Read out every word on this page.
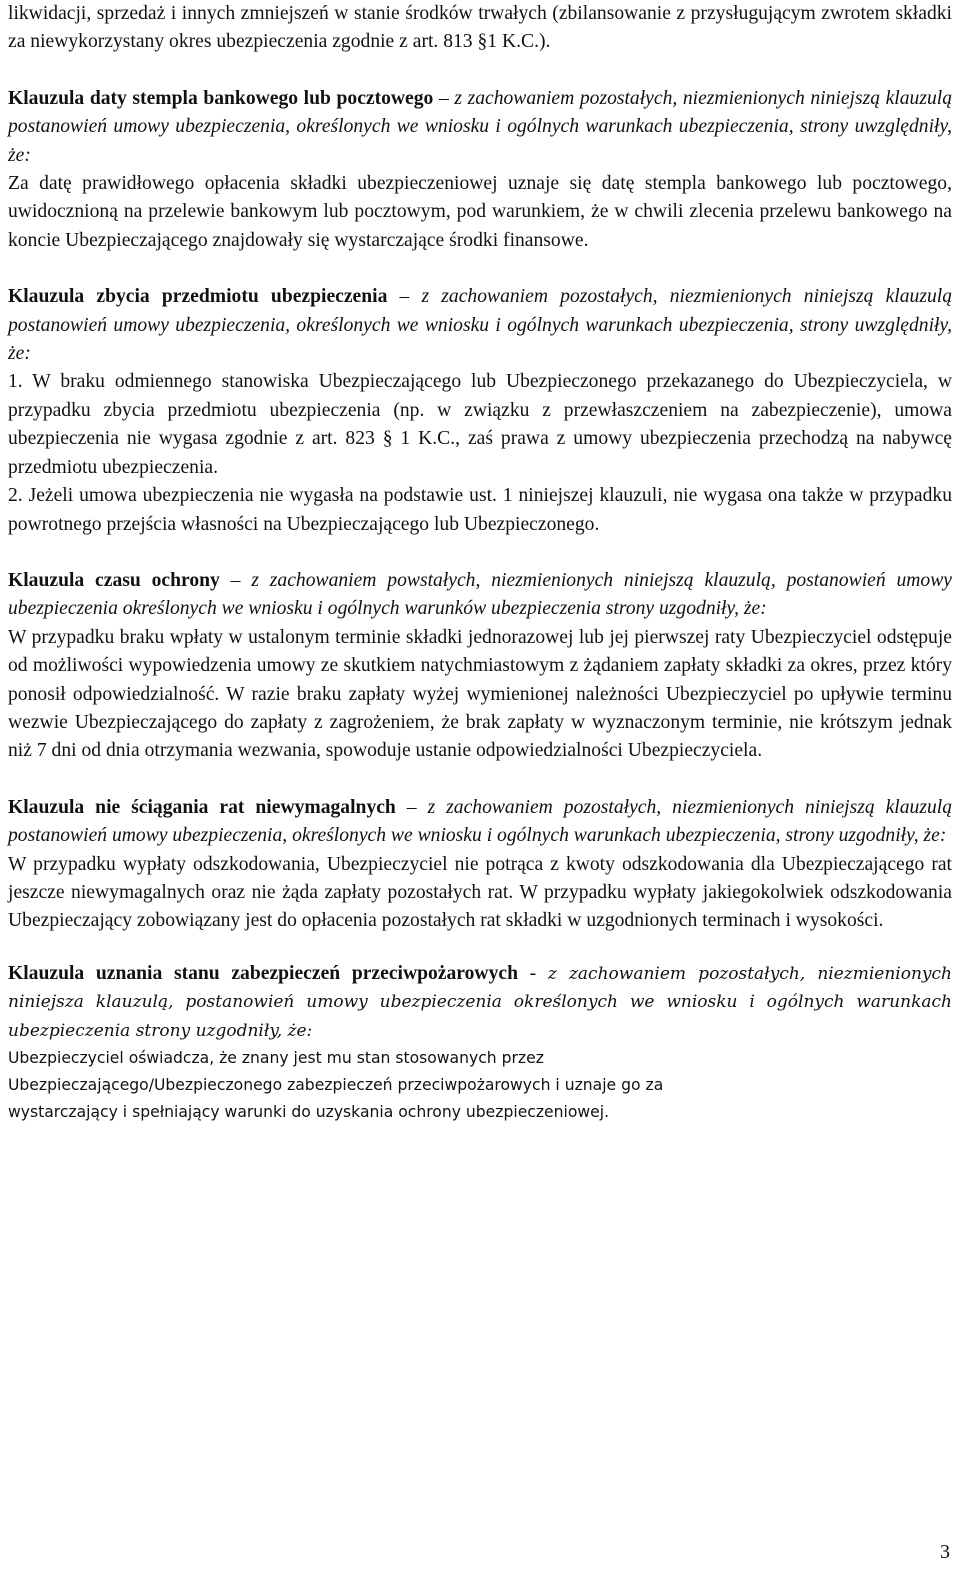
likwidacji, sprzedaż i innych zmniejszeń w stanie środków trwałych (zbilansowanie z przysługującym zwrotem składki za niewykorzystany okres ubezpieczenia zgodnie z art. 813 §1 K.C.).

Klauzula daty stempla bankowego lub pocztowego – z zachowaniem pozostałych, niezmienionych niniejszą klauzulą postanowień umowy ubezpieczenia, określonych we wniosku i ogólnych warunkach ubezpieczenia, strony uwzględniły, że:

Za datę prawidłowego opłacenia składki ubezpieczeniowej uznaje się datę stempla bankowego lub pocztowego, uwidocznioną na przelewie bankowym lub pocztowym, pod warunkiem, że w chwili zlecenia przelewu bankowego na koncie Ubezpieczającego znajdowały się wystarczające środki finansowe.

Klauzula zbycia przedmiotu ubezpieczenia – z zachowaniem pozostałych, niezmienionych niniejszą klauzulą postanowień umowy ubezpieczenia, określonych we wniosku i ogólnych warunkach ubezpieczenia, strony uwzględniły, że:

1. W braku odmiennego stanowiska Ubezpieczającego lub Ubezpieczonego przekazanego do Ubezpieczyciela, w przypadku zbycia przedmiotu ubezpieczenia (np. w związku z przewłaszczeniem na zabezpieczenie), umowa ubezpieczenia nie wygasa zgodnie z art. 823 § 1 K.C., zaś prawa z umowy ubezpieczenia przechodzą na nabywcę przedmiotu ubezpieczenia.

2. Jeżeli umowa ubezpieczenia nie wygasła na podstawie ust. 1 niniejszej klauzuli, nie wygasa ona także w przypadku powrotnego przejścia własności na Ubezpieczającego lub Ubezpieczonego.

Klauzula czasu ochrony – z zachowaniem powstałych, niezmienionych niniejszą klauzulą, postanowień umowy ubezpieczenia określonych we wniosku i ogólnych warunków ubezpieczenia strony uzgodniły, że:

W przypadku braku wpłaty w ustalonym terminie składki jednorazowej lub jej pierwszej raty Ubezpieczyciel odstępuje od możliwości wypowiedzenia umowy ze skutkiem natychmiastowym z żądaniem zapłaty składki za okres, przez który ponosił odpowiedzialność. W razie braku zapłaty wyżej wymienionej należności Ubezpieczyciel po upływie terminu wezwie Ubezpieczającego do zapłaty z zagrożeniem, że brak zapłaty w wyznaczonym terminie, nie krótszym jednak niż 7 dni od dnia otrzymania wezwania, spowoduje ustanie odpowiedzialności Ubezpieczyciela.

Klauzula nie ściągania rat niewymagalnych – z zachowaniem pozostałych, niezmienionych niniejszą klauzulą postanowień umowy ubezpieczenia, określonych we wniosku i ogólnych warunkach ubezpieczenia, strony uzgodniły, że:

W przypadku wypłaty odszkodowania, Ubezpieczyciel nie potrąca z kwoty odszkodowania dla Ubezpieczającego rat jeszcze niewymagalnych oraz nie żąda zapłaty pozostałych rat. W przypadku wypłaty jakiegokolwiek odszkodowania Ubezpieczający zobowiązany jest do opłacenia pozostałych rat składki w uzgodnionych terminach i wysokości.

Klauzula uznania stanu zabezpieczeń przeciwpożarowych - z zachowaniem pozostałych, niezmienionych niniejsza klauzulą, postanowień umowy ubezpieczenia określonych we wniosku i ogólnych warunkach ubezpieczenia strony uzgodniły, że:

Ubezpieczyciel oświadcza, że znany jest mu stan stosowanych przez
Ubezpieczającego/Ubezpieczonego zabezpieczeń przeciwpożarowych i uznaje go za
wystarczający i spełniający warunki do uzyskania ochrony ubezpieczeniowej.
3
